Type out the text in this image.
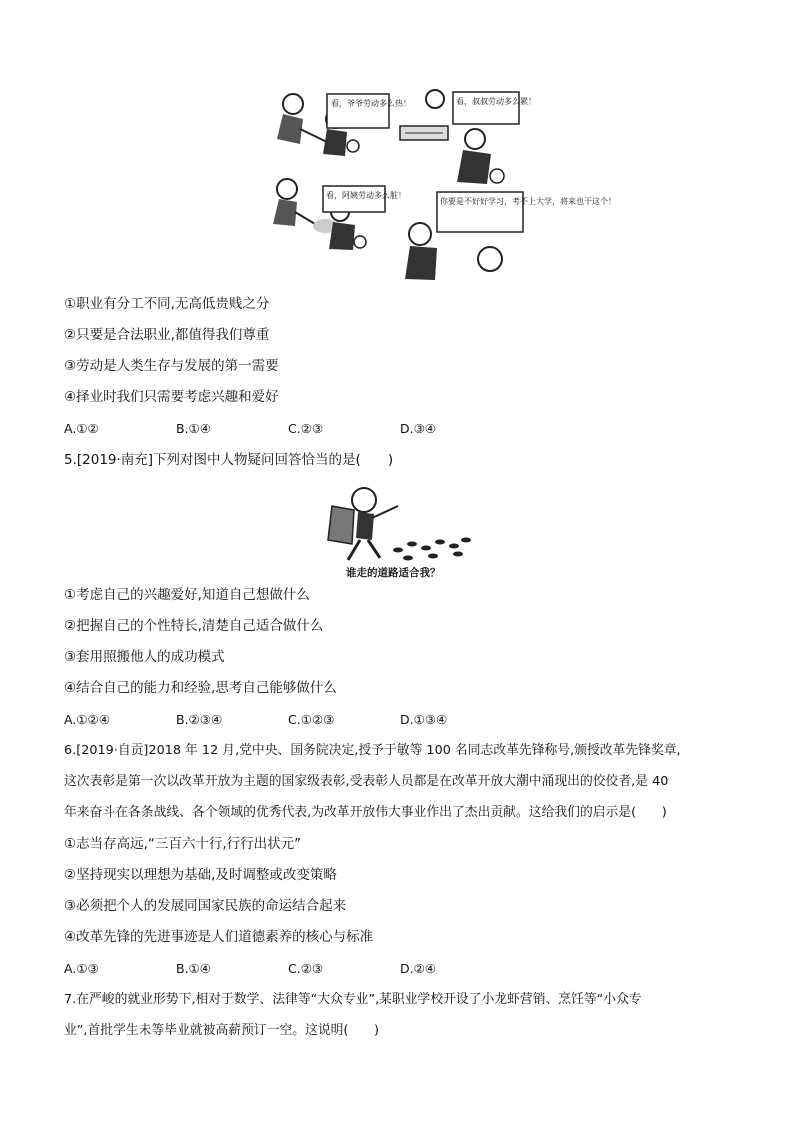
看，爷爷劳动多么热！	看，叔叔劳动多么累！
看，阿姨劳动多么脏！
你要是不好好学习，考不上大学，将来也干这个！
①职业有分工不同,无高低贵贱之分
②只要是合法职业,都值得我们尊重
③劳动是人类生存与发展的第一需要
④择业时我们只需要考虑兴趣和爱好
A.①②	B.①④	C.②③	D.③④
5.[2019·南充]下列对图中人物疑问回答恰当的是(　　)
谁走的道路适合我？
①考虑自己的兴趣爱好,知道自己想做什么
②把握自己的个性特长,清楚自己适合做什么
③套用照搬他人的成功模式
④结合自己的能力和经验,思考自己能够做什么
A.①②④	B.②③④	C.①②③	D.①③④
6.[2019·自贡]2018 年 12 月,党中央、国务院决定,授予于敏等 100 名同志改革先锋称号,颁授改革先锋奖章,
这次表彰是第一次以改革开放为主题的国家级表彰,受表彰人员都是在改革开放大潮中涌现出的佼佼者,是 40
年来奋斗在各条战线、各个领域的优秀代表,为改革开放伟大事业作出了杰出贡献。这给我们的启示是(　　)
①志当存高远,“三百六十行,行行出状元”
②坚持现实以理想为基础,及时调整或改变策略
③必须把个人的发展同国家民族的命运结合起来
④改革先锋的先进事迹是人们道德素养的核心与标准
A.①③	B.①④	C.②③	D.②④
7.在严峻的就业形势下,相对于数学、法律等“大众专业”,某职业学校开设了小龙虾营销、烹饪等“小众专
业”,首批学生未等毕业就被高薪预订一空。这说明(　　)
